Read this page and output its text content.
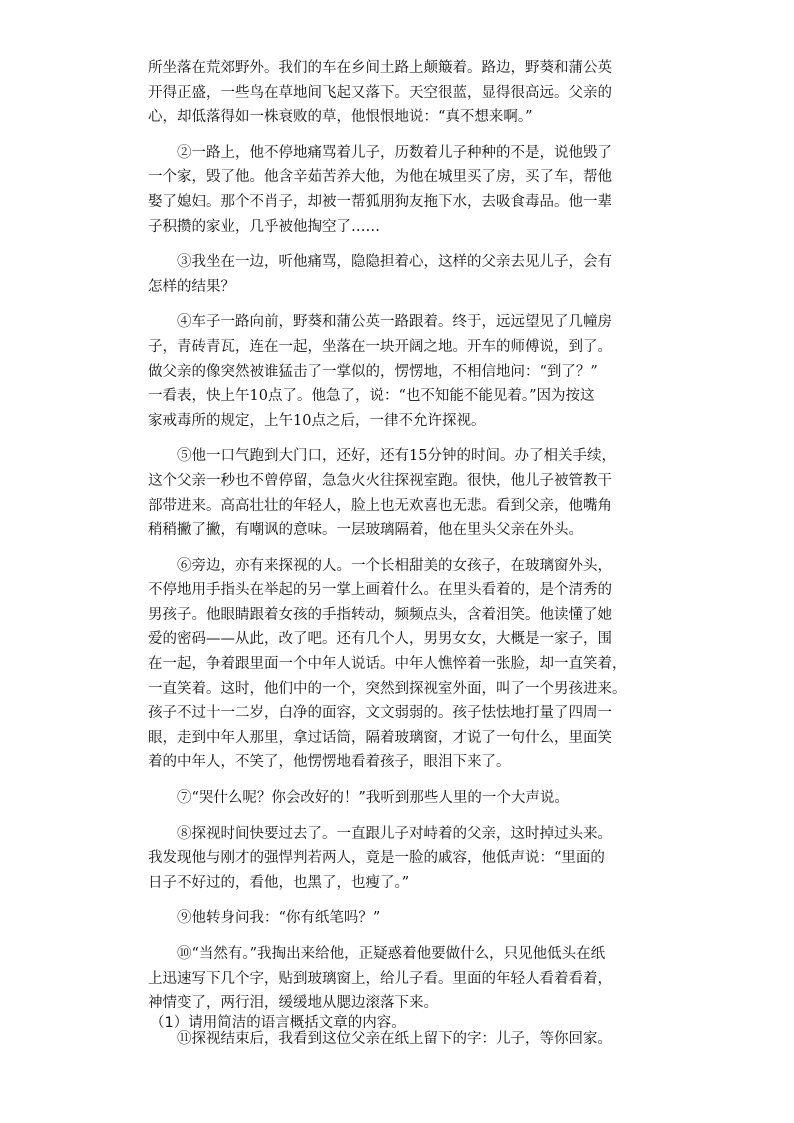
所坐落在荒郊野外。我们的车在乡间土路上颠簸着。路边，野葵和蒲公英
开得正盛，一些鸟在草地间飞起又落下。天空很蓝，显得很高远。父亲的
心，却低落得如一株衰败的草，他恨恨地说：“真不想来啊。”
②一路上，他不停地痛骂着儿子，历数着儿子种种的不是，说他毁了
一个家，毁了他。他含辛茹苦养大他，为他在城里买了房，买了车，帮他
娶了媳妇。那个不肖子，却被一帮狐朋狗友拖下水，去吸食毒品。他一辈
子积攒的家业，几乎被他掏空了……
③我坐在一边，听他痛骂，隐隐担着心，这样的父亲去见儿子，会有
怎样的结果？
④车子一路向前，野葵和蒲公英一路跟着。终于，远远望见了几幢房
子，青砖青瓦，连在一起，坐落在一块开阔之地。开车的师傅说，到了。
做父亲的像突然被谁猛击了一掌似的，愣愣地，不相信地问：“到了？”
一看表，快上午10点了。他急了，说：“也不知能不能见着。”因为按这
家戒毒所的规定，上午10点之后，一律不允许探视。
⑤他一口气跑到大门口，还好，还有15分钟的时间。办了相关手续，
这个父亲一秒也不曾停留，急急火火往探视室跑。很快，他儿子被管教干
部带进来。高高壮壮的年轻人，脸上也无欢喜也无悲。看到父亲，他嘴角
稍稍撇了撇，有嘲讽的意味。一层玻璃隔着，他在里头父亲在外头。
⑥旁边，亦有来探视的人。一个长相甜美的女孩子，在玻璃窗外头，
不停地用手指头在举起的另一掌上画着什么。在里头看着的，是个清秀的
男孩子。他眼睛跟着女孩的手指转动，频频点头，含着泪笑。他读懂了她
爱的密码——从此，改了吧。还有几个人，男男女女，大概是一家子，围
在一起，争着跟里面一个中年人说话。中年人憔悴着一张脸，却一直笑着，
一直笑着。这时，他们中的一个，突然到探视室外面，叫了一个男孩进来。
孩子不过十一二岁，白净的面容，文文弱弱的。孩子怯怯地打量了四周一
眼，走到中年人那里，拿过话筒，隔着玻璃窗，才说了一句什么，里面笑
着的中年人，不笑了，他愣愣地看着孩子，眼泪下来了。
⑦“哭什么呢？你会改好的！”我听到那些人里的一个大声说。
⑧探视时间快要过去了。一直跟儿子对峙着的父亲，这时掉过头来。
我发现他与刚才的强悍判若两人，竟是一脸的戚容，他低声说：“里面的
日子不好过的，看他，也黑了，也瘦了。”
⑨他转身问我：“你有纸笔吗？”
⑩“当然有。”我掏出来给他，正疑惑着他要做什么，只见他低头在纸
上迅速写下几个字，贴到玻璃窗上，给儿子看。里面的年轻人看着看着，
神情变了，两行泪，缓缓地从腮边滚落下来。
⑪探视结束后，我看到这位父亲在纸上留下的字：儿子，等你回家。
（1）请用简洁的语言概括文章的内容。
